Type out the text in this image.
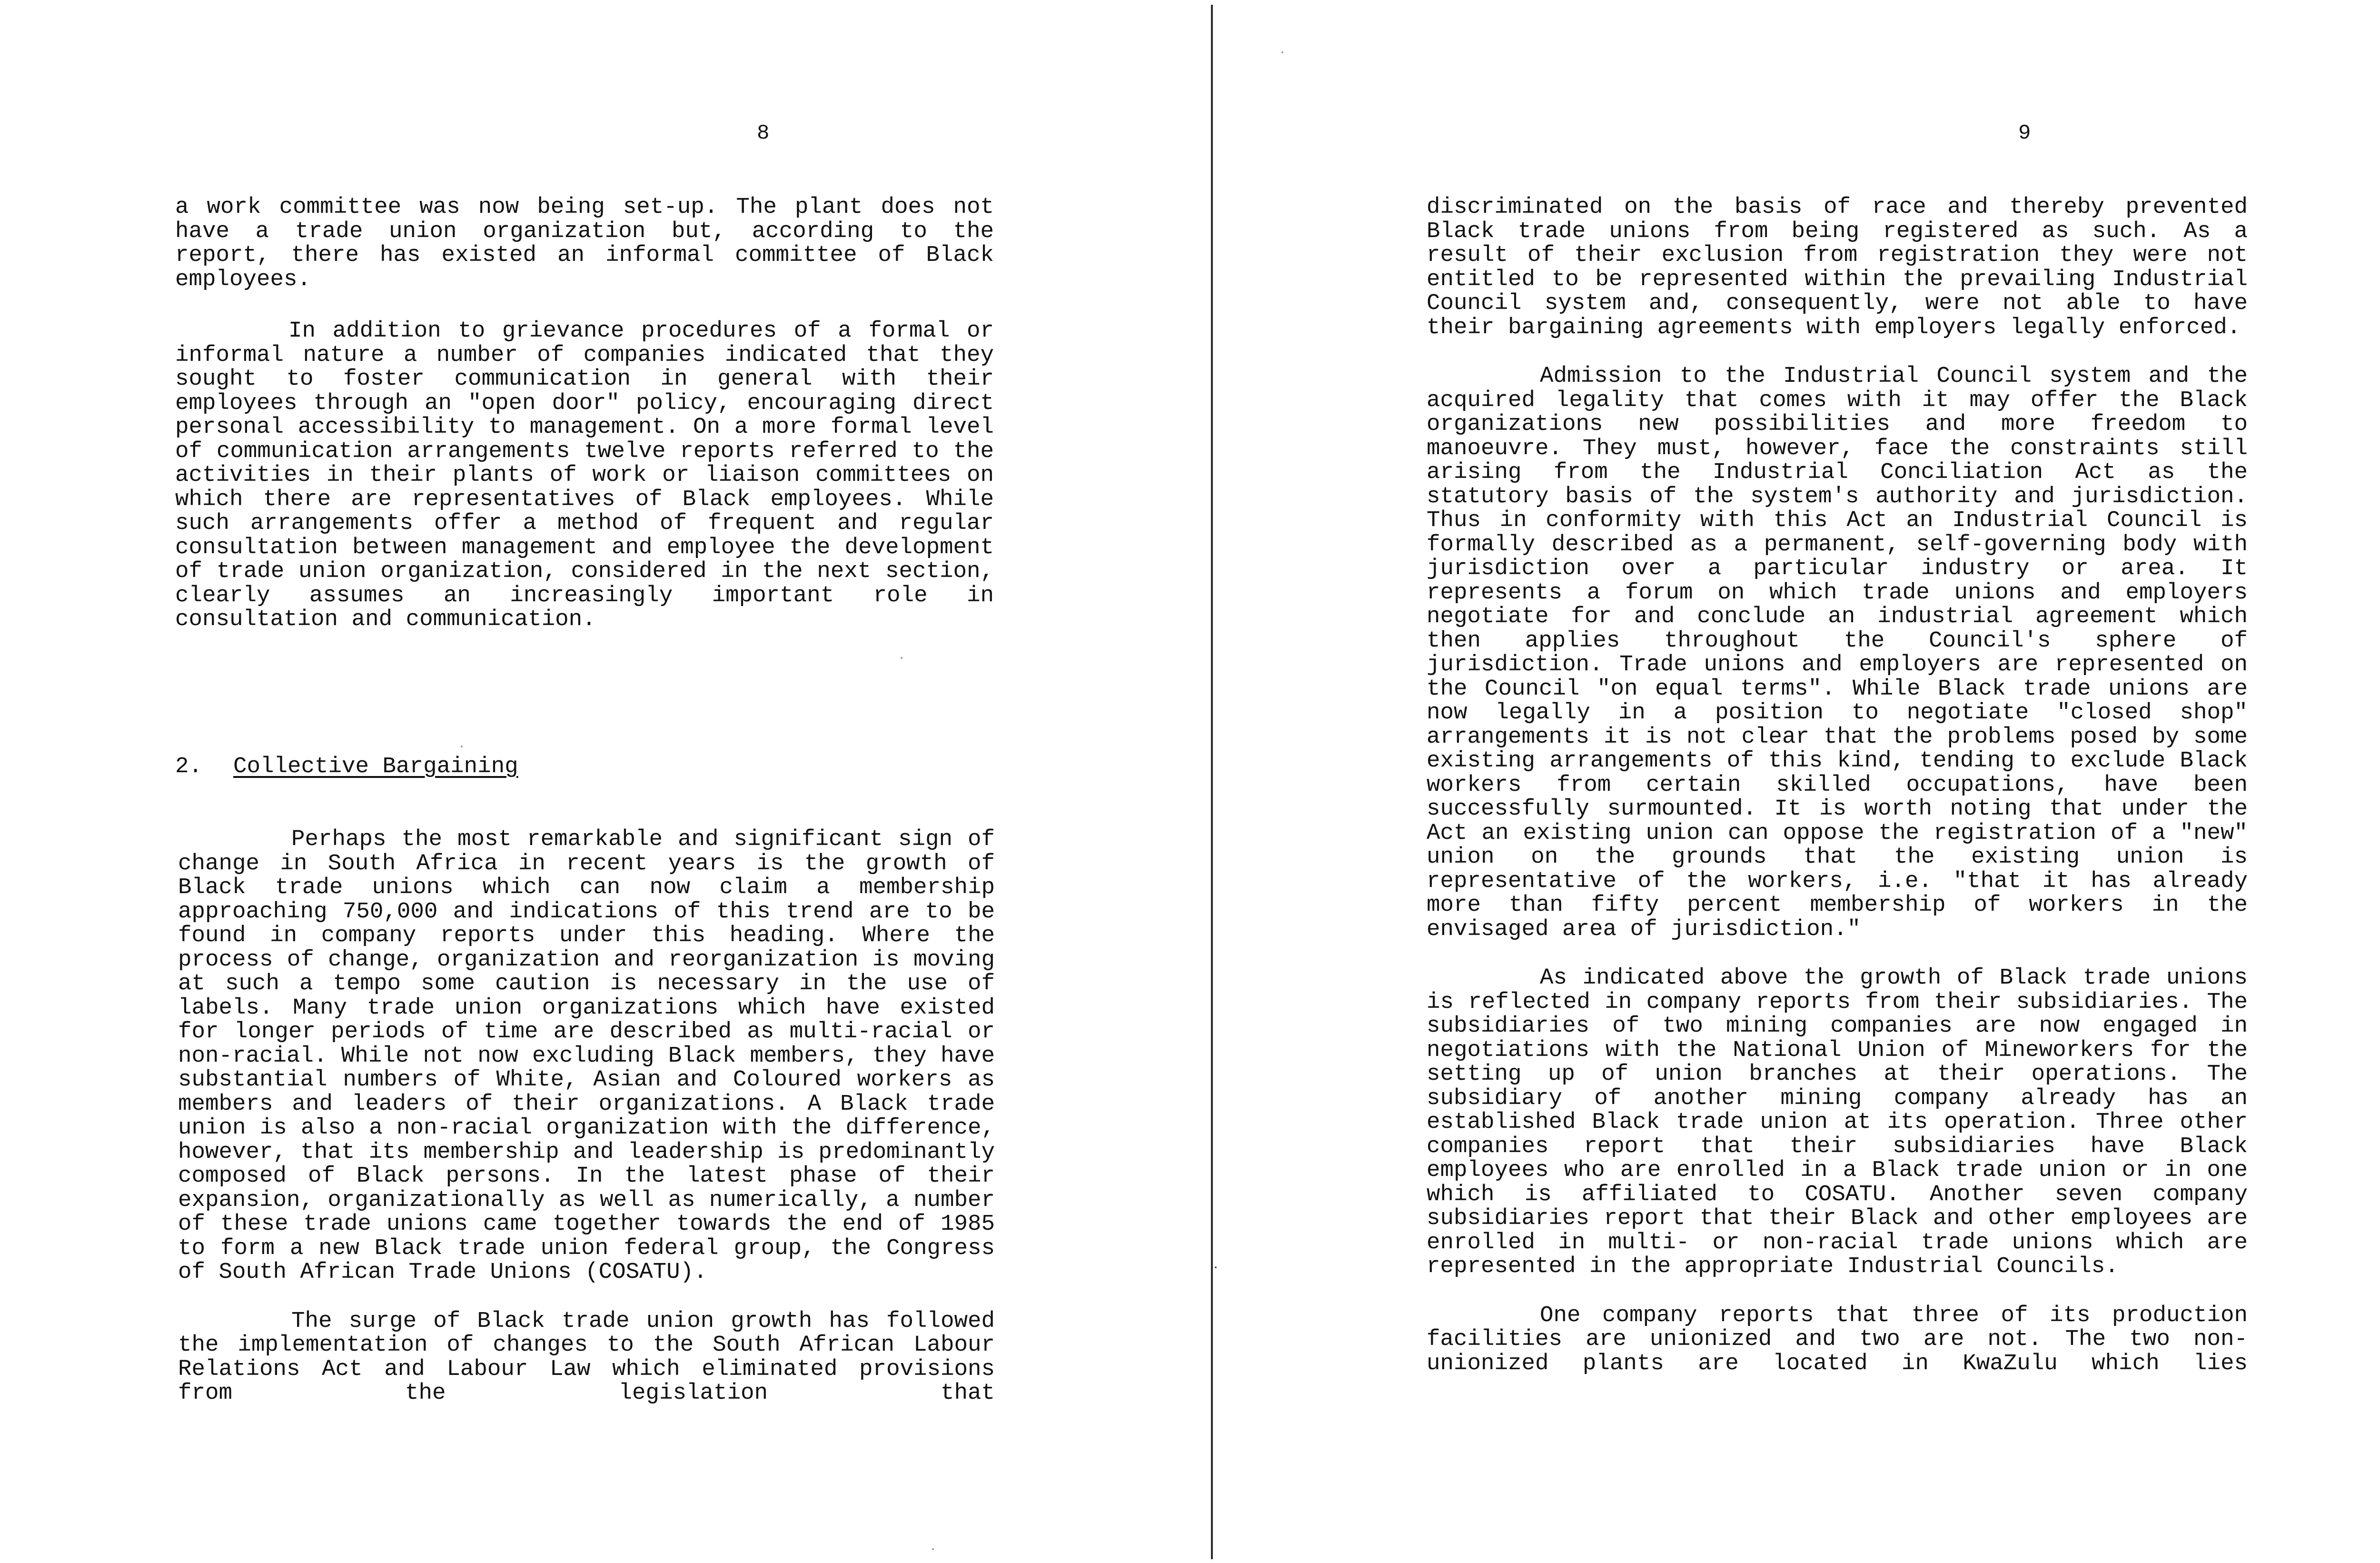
8

a work committee was now being set-up. The plant does not have a trade union organization but, according to the report, there has existed an informal committee of Black employees.

In addition to grievance procedures of a formal or informal nature a number of companies indicated that they sought to foster communication in general with their employees through an "open door" policy, encouraging direct personal accessibility to management. On a more formal level of communication arrangements twelve reports referred to the activities in their plants of work or liaison committees on which there are representatives of Black employees. While such arrangements offer a method of frequent and regular consultation between management and employee the development of trade union organization, considered in the next section, clearly assumes an increasingly important role in consultation and communication.

2. Collective Bargaining

Perhaps the most remarkable and significant sign of change in South Africa in recent years is the growth of Black trade unions which can now claim a membership approaching 750,000 and indications of this trend are to be found in company reports under this heading. Where the process of change, organization and reorganization is moving at such a tempo some caution is necessary in the use of labels. Many trade union organizations which have existed for longer periods of time are described as multi-racial or non-racial. While not now excluding Black members, they have substantial numbers of White, Asian and Coloured workers as members and leaders of their organizations. A Black trade union is also a non-racial organization with the difference, however, that its membership and leadership is predominantly composed of Black persons. In the latest phase of their expansion, organizationally as well as numerically, a number of these trade unions came together towards the end of 1985 to form a new Black trade union federal group, the Congress of South African Trade Unions (COSATU).

The surge of Black trade union growth has followed the implementation of changes to the South African Labour Relations Act and Labour Law which eliminated provisions from the legislation that

9

discriminated on the basis of race and thereby prevented Black trade unions from being registered as such. As a result of their exclusion from registration they were not entitled to be represented within the prevailing Industrial Council system and, consequently, were not able to have their bargaining agreements with employers legally enforced.

Admission to the Industrial Council system and the acquired legality that comes with it may offer the Black organizations new possibilities and more freedom to manoeuvre. They must, however, face the constraints still arising from the Industrial Conciliation Act as the statutory basis of the system's authority and jurisdiction. Thus in conformity with this Act an Industrial Council is formally described as a permanent, self-governing body with jurisdiction over a particular industry or area. It represents a forum on which trade unions and employers negotiate for and conclude an industrial agreement which then applies throughout the Council's sphere of jurisdiction. Trade unions and employers are represented on the Council "on equal terms". While Black trade unions are now legally in a position to negotiate "closed shop" arrangements it is not clear that the problems posed by some existing arrangements of this kind, tending to exclude Black workers from certain skilled occupations, have been successfully surmounted. It is worth noting that under the Act an existing union can oppose the registration of a "new" union on the grounds that the existing union is representative of the workers, i.e. "that it has already more than fifty percent membership of workers in the envisaged area of jurisdiction."

As indicated above the growth of Black trade unions is reflected in company reports from their subsidiaries. The subsidiaries of two mining companies are now engaged in negotiations with the National Union of Mineworkers for the setting up of union branches at their operations. The subsidiary of another mining company already has an established Black trade union at its operation. Three other companies report that their subsidiaries have Black employees who are enrolled in a Black trade union or in one which is affiliated to COSATU. Another seven company subsidiaries report that their Black and other employees are enrolled in multi- or non-racial trade unions which are represented in the appropriate Industrial Councils.

One company reports that three of its production facilities are unionized and two are not. The two non-unionized plants are located in KwaZulu which lies
